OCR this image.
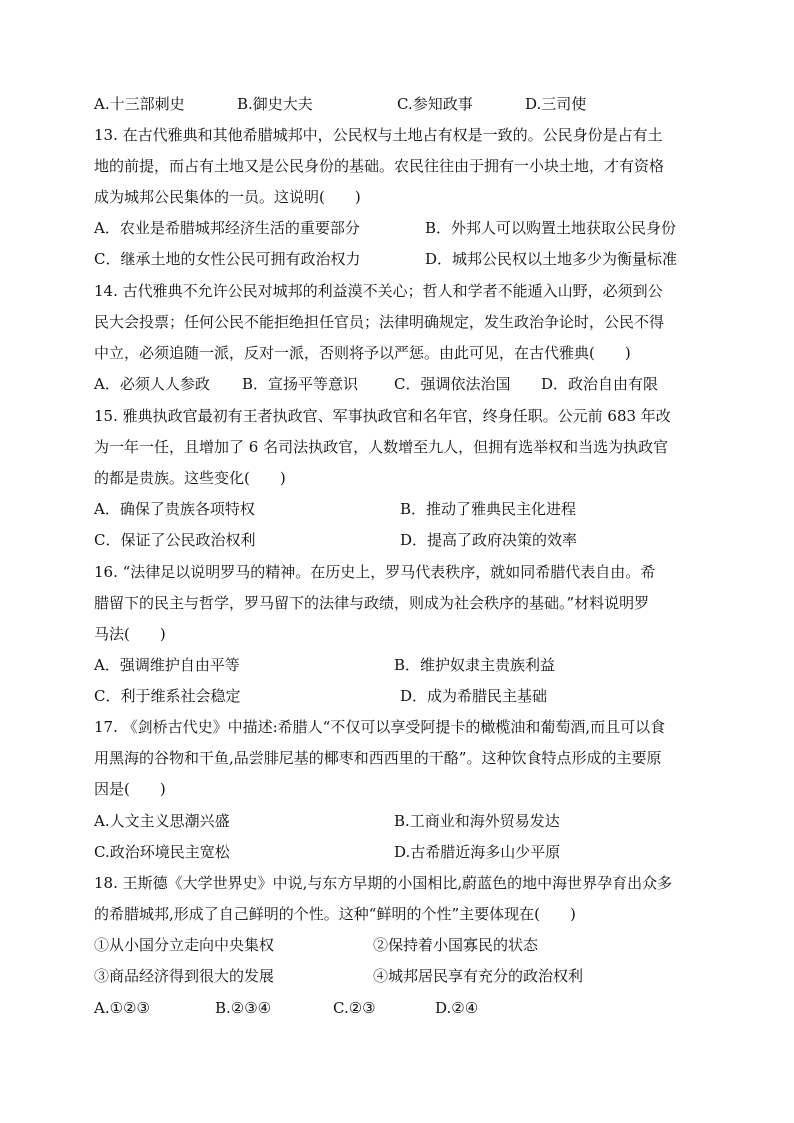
A.十三部刺史	B.御史大夫	C.参知政事	D.三司使
13. 在古代雅典和其他希腊城邦中，公民权与土地占有权是一致的。公民身份是占有土
地的前提，而占有土地又是公民身份的基础。农民往往由于拥有一小块土地，才有资格
成为城邦公民集体的一员。这说明(　　)
A．农业是希腊城邦经济生活的重要部分	B．外邦人可以购置土地获取公民身份
C．继承土地的女性公民可拥有政治权力	D．城邦公民权以土地多少为衡量标准
14. 古代雅典不允许公民对城邦的利益漠不关心；哲人和学者不能遁入山野，必须到公
民大会投票；任何公民不能拒绝担任官员；法律明确规定，发生政治争论时，公民不得
中立，必须追随一派，反对一派，否则将予以严惩。由此可见，在古代雅典(　　)
A．必须人人参政 B．宣扬平等意识 C．强调依法治国 D．政治自由有限
15. 雅典执政官最初有王者执政官、军事执政官和名年官，终身任职。公元前 683 年改
为一年一任，且增加了 6 名司法执政官，人数增至九人，但拥有选举权和当选为执政官
的都是贵族。这些变化(　　)
A．确保了贵族各项特权	B．推动了雅典民主化进程
C．保证了公民政治权利	D．提高了政府决策的效率
16. “法律足以说明罗马的精神。在历史上，罗马代表秩序，就如同希腊代表自由。希
腊留下的民主与哲学，罗马留下的法律与政绩，则成为社会秩序的基础。”材料说明罗
马法(　　)
A．强调维护自由平等	B．维护奴隶主贵族利益
C．利于维系社会稳定	D．成为希腊民主基础
17. 《剑桥古代史》中描述:希腊人“不仅可以享受阿提卡的橄榄油和葡萄酒,而且可以食
用黑海的谷物和干鱼,品尝腓尼基的椰枣和西西里的干酪”。这种饮食特点形成的主要原
因是(　　)
A.人文主义思潮兴盛	B.工商业和海外贸易发达
C.政治环境民主宽松	D.古希腊近海多山少平原
18. 王斯德《大学世界史》中说,与东方早期的小国相比,蔚蓝色的地中海世界孕育出众多
的希腊城邦,形成了自己鲜明的个性。这种“鲜明的个性”主要体现在(　　)
①从小国分立走向中央集权	②保持着小国寡民的状态
③商品经济得到很大的发展	④城邦居民享有充分的政治权利
A.①②③	B.②③④	C.②③	D.②④
